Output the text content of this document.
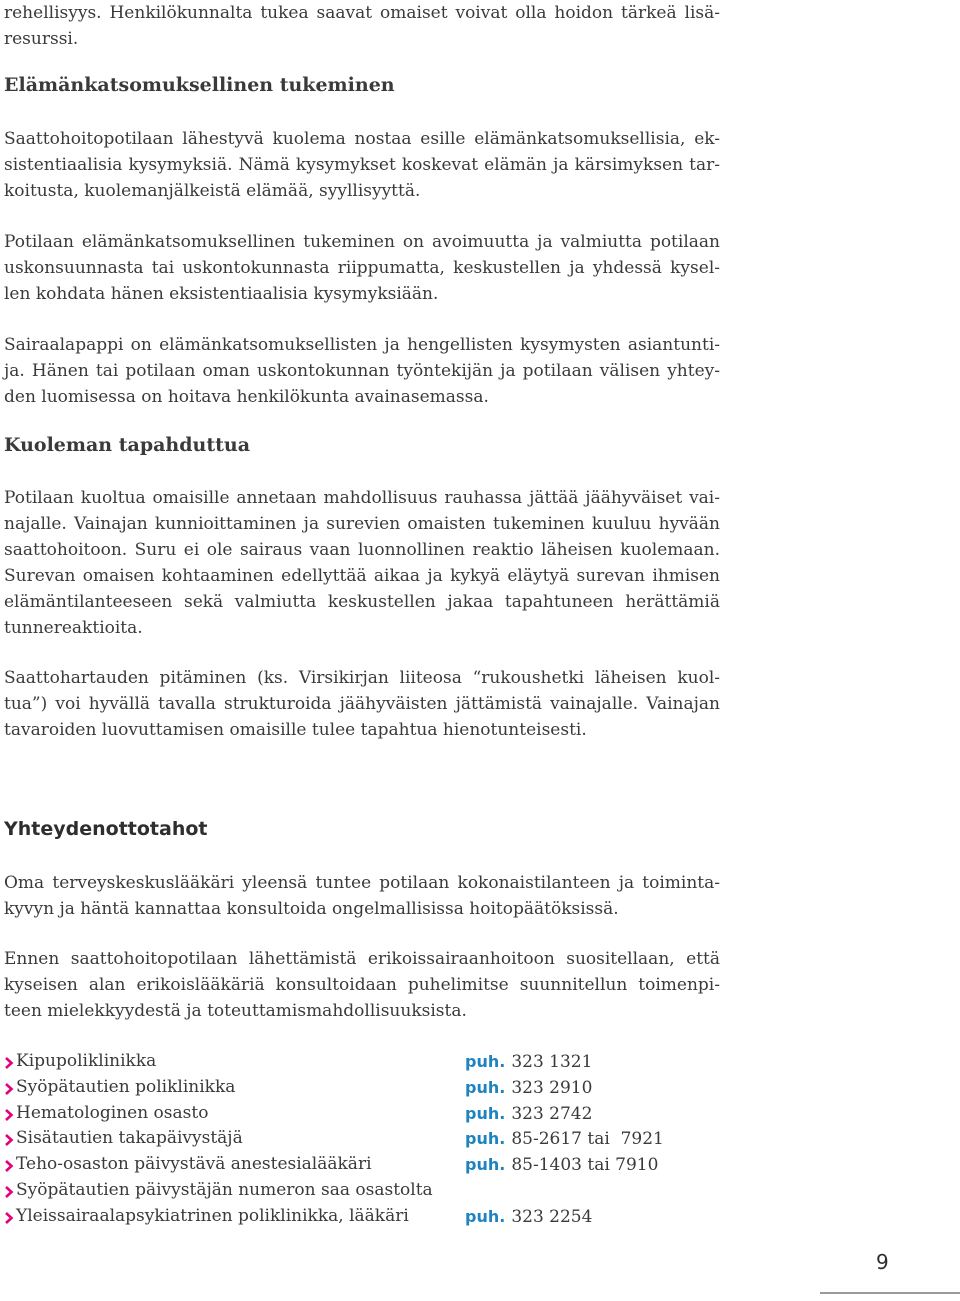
rehellisyys. Henkilökunnalta tukea saavat omaiset voivat olla hoidon tärkeä lisä-
resurssi.
Elämänkatsomuksellinen tukeminen
Saattohoitopotilaan lähestyvä kuolema nostaa esille elämänkatsomuksellisia, ek-
sistentiaalisia kysymyksiä. Nämä kysymykset koskevat elämän ja kärsimyksen tar-
koitusta, kuolemanjälkeistä elämää, syyllisyyttä.
Potilaan elämänkatsomuksellinen tukeminen on avoimuutta ja valmiutta potilaan
uskonsuunnasta tai uskontokunnasta riippumatta, keskustellen ja yhdessä kysel-
len kohdata hänen eksistentiaalisia kysymyksiään.
Sairaalapappi on elämänkatsomuksellisten ja hengellisten kysymysten asiantunti-
ja. Hänen tai potilaan oman uskontokunnan työntekijän ja potilaan välisen yhtey-
den luomisessa on hoitava henkilökunta avainasemassa.
Kuoleman tapahduttua
Potilaan kuoltua omaisille annetaan mahdollisuus rauhassa jättää jäähyväiset vai-
najalle. Vainajan kunnioittaminen ja surevien omaisten tukeminen kuuluu hyvään
saattohoitoon. Suru ei ole sairaus vaan luonnollinen reaktio läheisen kuolemaan.
Surevan omaisen kohtaaminen edellyttää aikaa ja kykyä eläytyä surevan ihmisen
elämäntilanteeseen sekä valmiutta keskustellen jakaa tapahtuneen herättämiä
tunnereaktioita.
Saattohartauden pitäminen (ks. Virsikirjan liiteosa “rukoushetki läheisen kuol-
tua”) voi hyvällä tavalla strukturoida jäähyväisten jättämistä vainajalle. Vainajan
tavaroiden luovuttamisen omaisille tulee tapahtua hienotunteisesti.
Yhteydenottotahot
Oma terveyskeskuslääkäri yleensä tuntee potilaan kokonaistilanteen ja toiminta-
kyvyn ja häntä kannattaa konsultoida ongelmallisissa hoitopäätöksissä.
Ennen saattohoitopotilaan lähettämistä erikoissairaanhoitoon suositellaan, että
kyseisen alan erikoislääkäriä konsultoidaan puhelimitse suunnitellun toimenpi-
teen mielekkyydestä ja toteuttamismahdollisuuksista.
Kipupoliklinikka	puh. 323 1321
Syöpätautien poliklinikka	puh. 323 2910
Hematologinen osasto	puh. 323 2742
Sisätautien takapäivystäjä	puh. 85-2617 tai  7921
Teho-osaston päivystävä anestesialääkäri	puh. 85-1403 tai 7910
Syöpätautien päivystäjän numeron saa osastolta
Yleissairaalapsykiatrinen poliklinikka, lääkäri	puh. 323 2254
9
